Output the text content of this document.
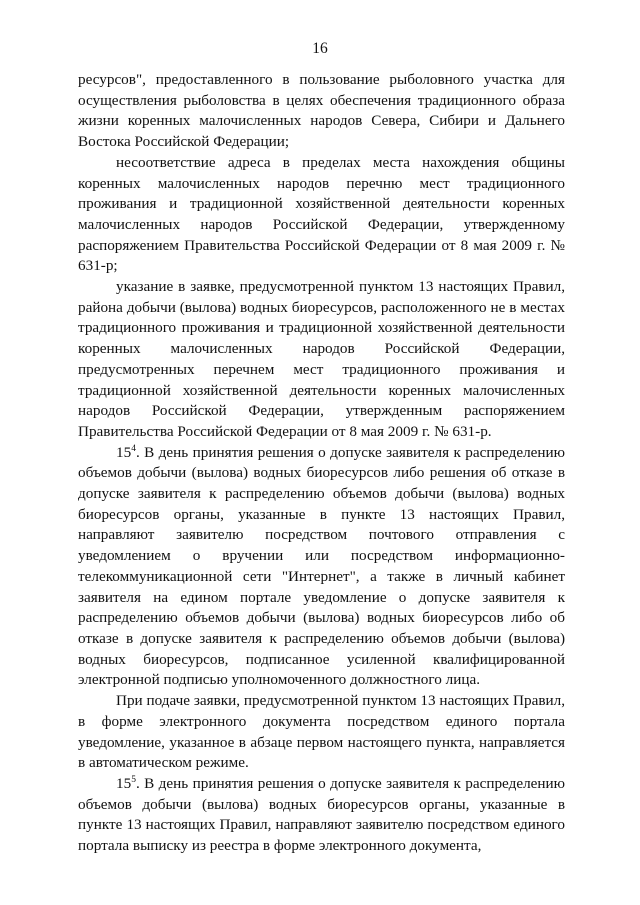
16

ресурсов", предоставленного в пользование рыболовного участка для осуществления рыболовства в целях обеспечения традиционного образа жизни коренных малочисленных народов Севера, Сибири и Дальнего Востока Российской Федерации;

несоответствие адреса в пределах места нахождения общины коренных малочисленных народов перечню мест традиционного проживания и традиционной хозяйственной деятельности коренных малочисленных народов Российской Федерации, утвержденному распоряжением Правительства Российской Федерации от 8 мая 2009 г. № 631-р;

указание в заявке, предусмотренной пунктом 13 настоящих Правил, района добычи (вылова) водных биоресурсов, расположенного не в местах традиционного проживания и традиционной хозяйственной деятельности коренных малочисленных народов Российской Федерации, предусмотренных перечнем мест традиционного проживания и традиционной хозяйственной деятельности коренных малочисленных народов Российской Федерации, утвержденным распоряжением Правительства Российской Федерации от 8 мая 2009 г. № 631-р.

$15^4$. В день принятия решения о допуске заявителя к распределению объемов добычи (вылова) водных биоресурсов либо решения об отказе в допуске заявителя к распределению объемов добычи (вылова) водных биоресурсов органы, указанные в пункте 13 настоящих Правил, направляют заявителю посредством почтового отправления с уведомлением о вручении или посредством информационно-телекоммуникационной сети "Интернет", а также в личный кабинет заявителя на едином портале уведомление о допуске заявителя к распределению объемов добычи (вылова) водных биоресурсов либо об отказе в допуске заявителя к распределению объемов добычи (вылова) водных биоресурсов, подписанное усиленной квалифицированной электронной подписью уполномоченного должностного лица.

При подаче заявки, предусмотренной пунктом 13 настоящих Правил, в форме электронного документа посредством единого портала уведомление, указанное в абзаце первом настоящего пункта, направляется в автоматическом режиме.

$15^5$. В день принятия решения о допуске заявителя к распределению объемов добычи (вылова) водных биоресурсов органы, указанные в пункте 13 настоящих Правил, направляют заявителю посредством единого портала выписку из реестра в форме электронного документа,
